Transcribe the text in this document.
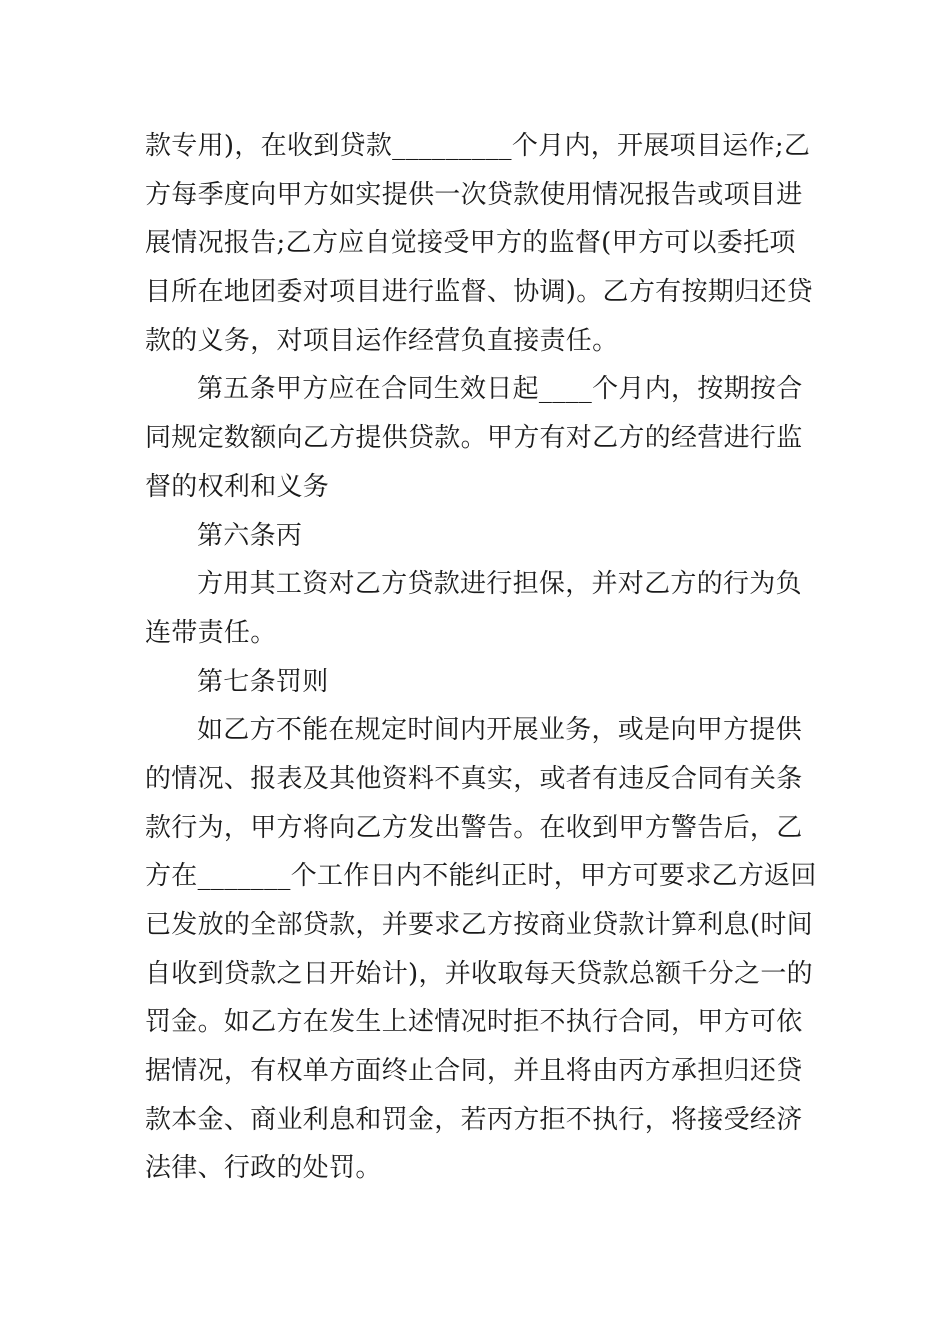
款专用)，在收到贷款_________个月内，开展项目运作;乙
方每季度向甲方如实提供一次贷款使用情况报告或项目进
展情况报告;乙方应自觉接受甲方的监督(甲方可以委托项
目所在地团委对项目进行监督、协调)。乙方有按期归还贷
款的义务，对项目运作经营负直接责任。
第五条甲方应在合同生效日起____个月内，按期按合
同规定数额向乙方提供贷款。甲方有对乙方的经营进行监
督的权利和义务
第六条丙
方用其工资对乙方贷款进行担保，并对乙方的行为负
连带责任。
第七条罚则
如乙方不能在规定时间内开展业务，或是向甲方提供
的情况、报表及其他资料不真实，或者有违反合同有关条
款行为，甲方将向乙方发出警告。在收到甲方警告后，乙
方在_______个工作日内不能纠正时，甲方可要求乙方返回
已发放的全部贷款，并要求乙方按商业贷款计算利息(时间
自收到贷款之日开始计)，并收取每天贷款总额千分之一的
罚金。如乙方在发生上述情况时拒不执行合同，甲方可依
据情况，有权单方面终止合同，并且将由丙方承担归还贷
款本金、商业利息和罚金，若丙方拒不执行，将接受经济
法律、行政的处罚。
